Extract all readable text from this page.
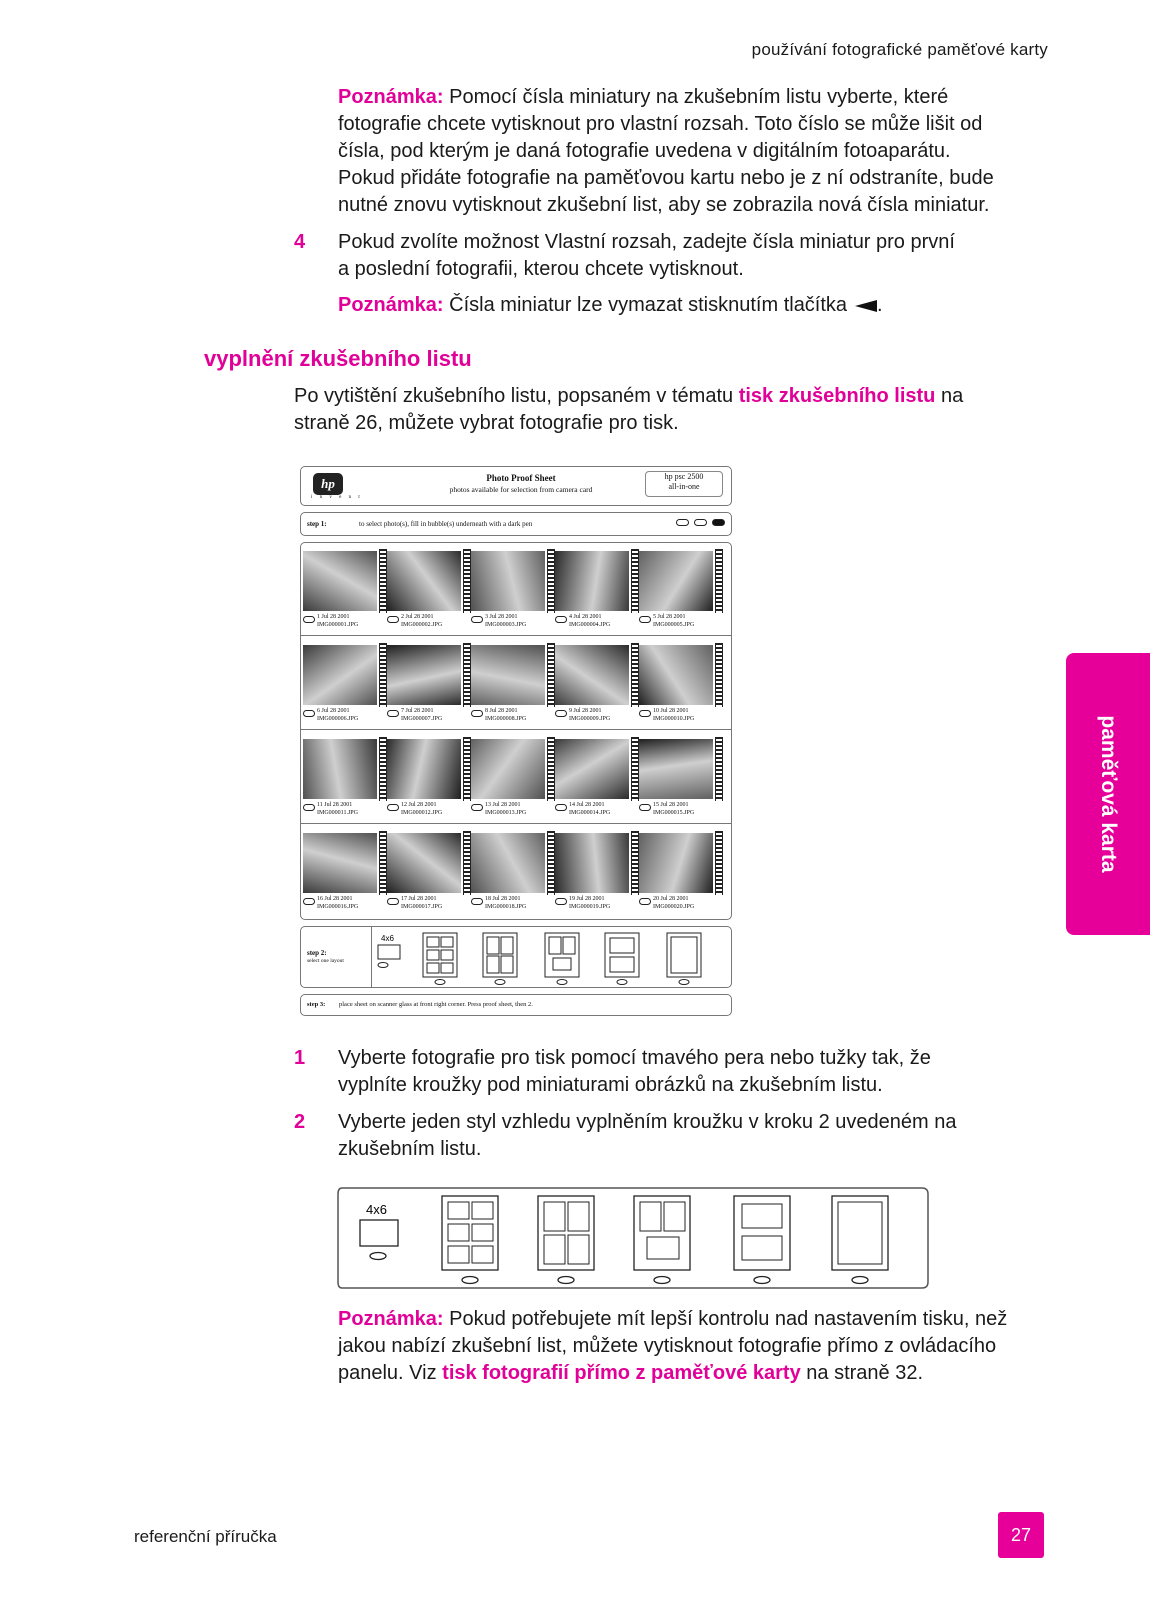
používání fotografické paměťové karty
Poznámka: Pomocí čísla miniatury na zkušebním listu vyberte, které
fotografie chcete vytisknout pro vlastní rozsah. Toto číslo se může lišit od
čísla, pod kterým je daná fotografie uvedena v digitálním fotoaparátu.
Pokud přidáte fotografie na paměťovou kartu nebo je z ní odstraníte, bude
nutné znovu vytisknout zkušební list, aby se zobrazila nová čísla miniatur.
4 Pokud zvolíte možnost Vlastní rozsah, zadejte čísla miniatur pro první
a poslední fotografii, kterou chcete vytisknout.
Poznámka: Čísla miniatur lze vymazat stisknutím tlačítka .
vyplnění zkušebního listu
Po vytištění zkušebního listu, popsaném v tématu tisk zkušebního listu na
straně 26, můžete vybrat fotografie pro tisk.
hp
i n v e n t
Photo Proof Sheet
photos available for selection from camera card
hp psc 2500
all-in-one
step 1:	to select photo(s), fill in bubble(s) underneath with a dark pen
1 Jul 28 2001
IMG000001.JPG
2 Jul 28 2001
IMG000002.JPG
3 Jul 28 2001
IMG000003.JPG
4 Jul 28 2001
IMG000004.JPG
5 Jul 28 2001
IMG000005.JPG
6 Jul 28 2001
IMG000006.JPG
7 Jul 28 2001
IMG000007.JPG
8 Jul 28 2001
IMG000008.JPG
9 Jul 28 2001
IMG000009.JPG
10 Jul 28 2001
IMG000010.JPG
11 Jul 28 2001
IMG000011.JPG
12 Jul 28 2001
IMG000012.JPG
13 Jul 28 2001
IMG000013.JPG
14 Jul 28 2001
IMG000014.JPG
15 Jul 28 2001
IMG000015.JPG
16 Jul 28 2001
IMG000016.JPG
17 Jul 28 2001
IMG000017.JPG
18 Jul 28 2001
IMG000018.JPG
19 Jul 28 2001
IMG000019.JPG
20 Jul 28 2001
IMG000020.JPG
step 2:
select one layout
4x6
step 3: place sheet on scanner glass at front right corner. Press proof sheet, then 2.
1 Vyberte fotografie pro tisk pomocí tmavého pera nebo tužky tak, že
vyplníte kroužky pod miniaturami obrázků na zkušebním listu.
2 Vyberte jeden styl vzhledu vyplněním kroužku v kroku 2 uvedeném na
zkušebním listu.
4x6
Poznámka: Pokud potřebujete mít lepší kontrolu nad nastavením tisku, než
jakou nabízí zkušební list, můžete vytisknout fotografie přímo z ovládacího
panelu. Viz tisk fotografií přímo z paměťové karty na straně 32.
paměťová karta
referenční příručka	27
